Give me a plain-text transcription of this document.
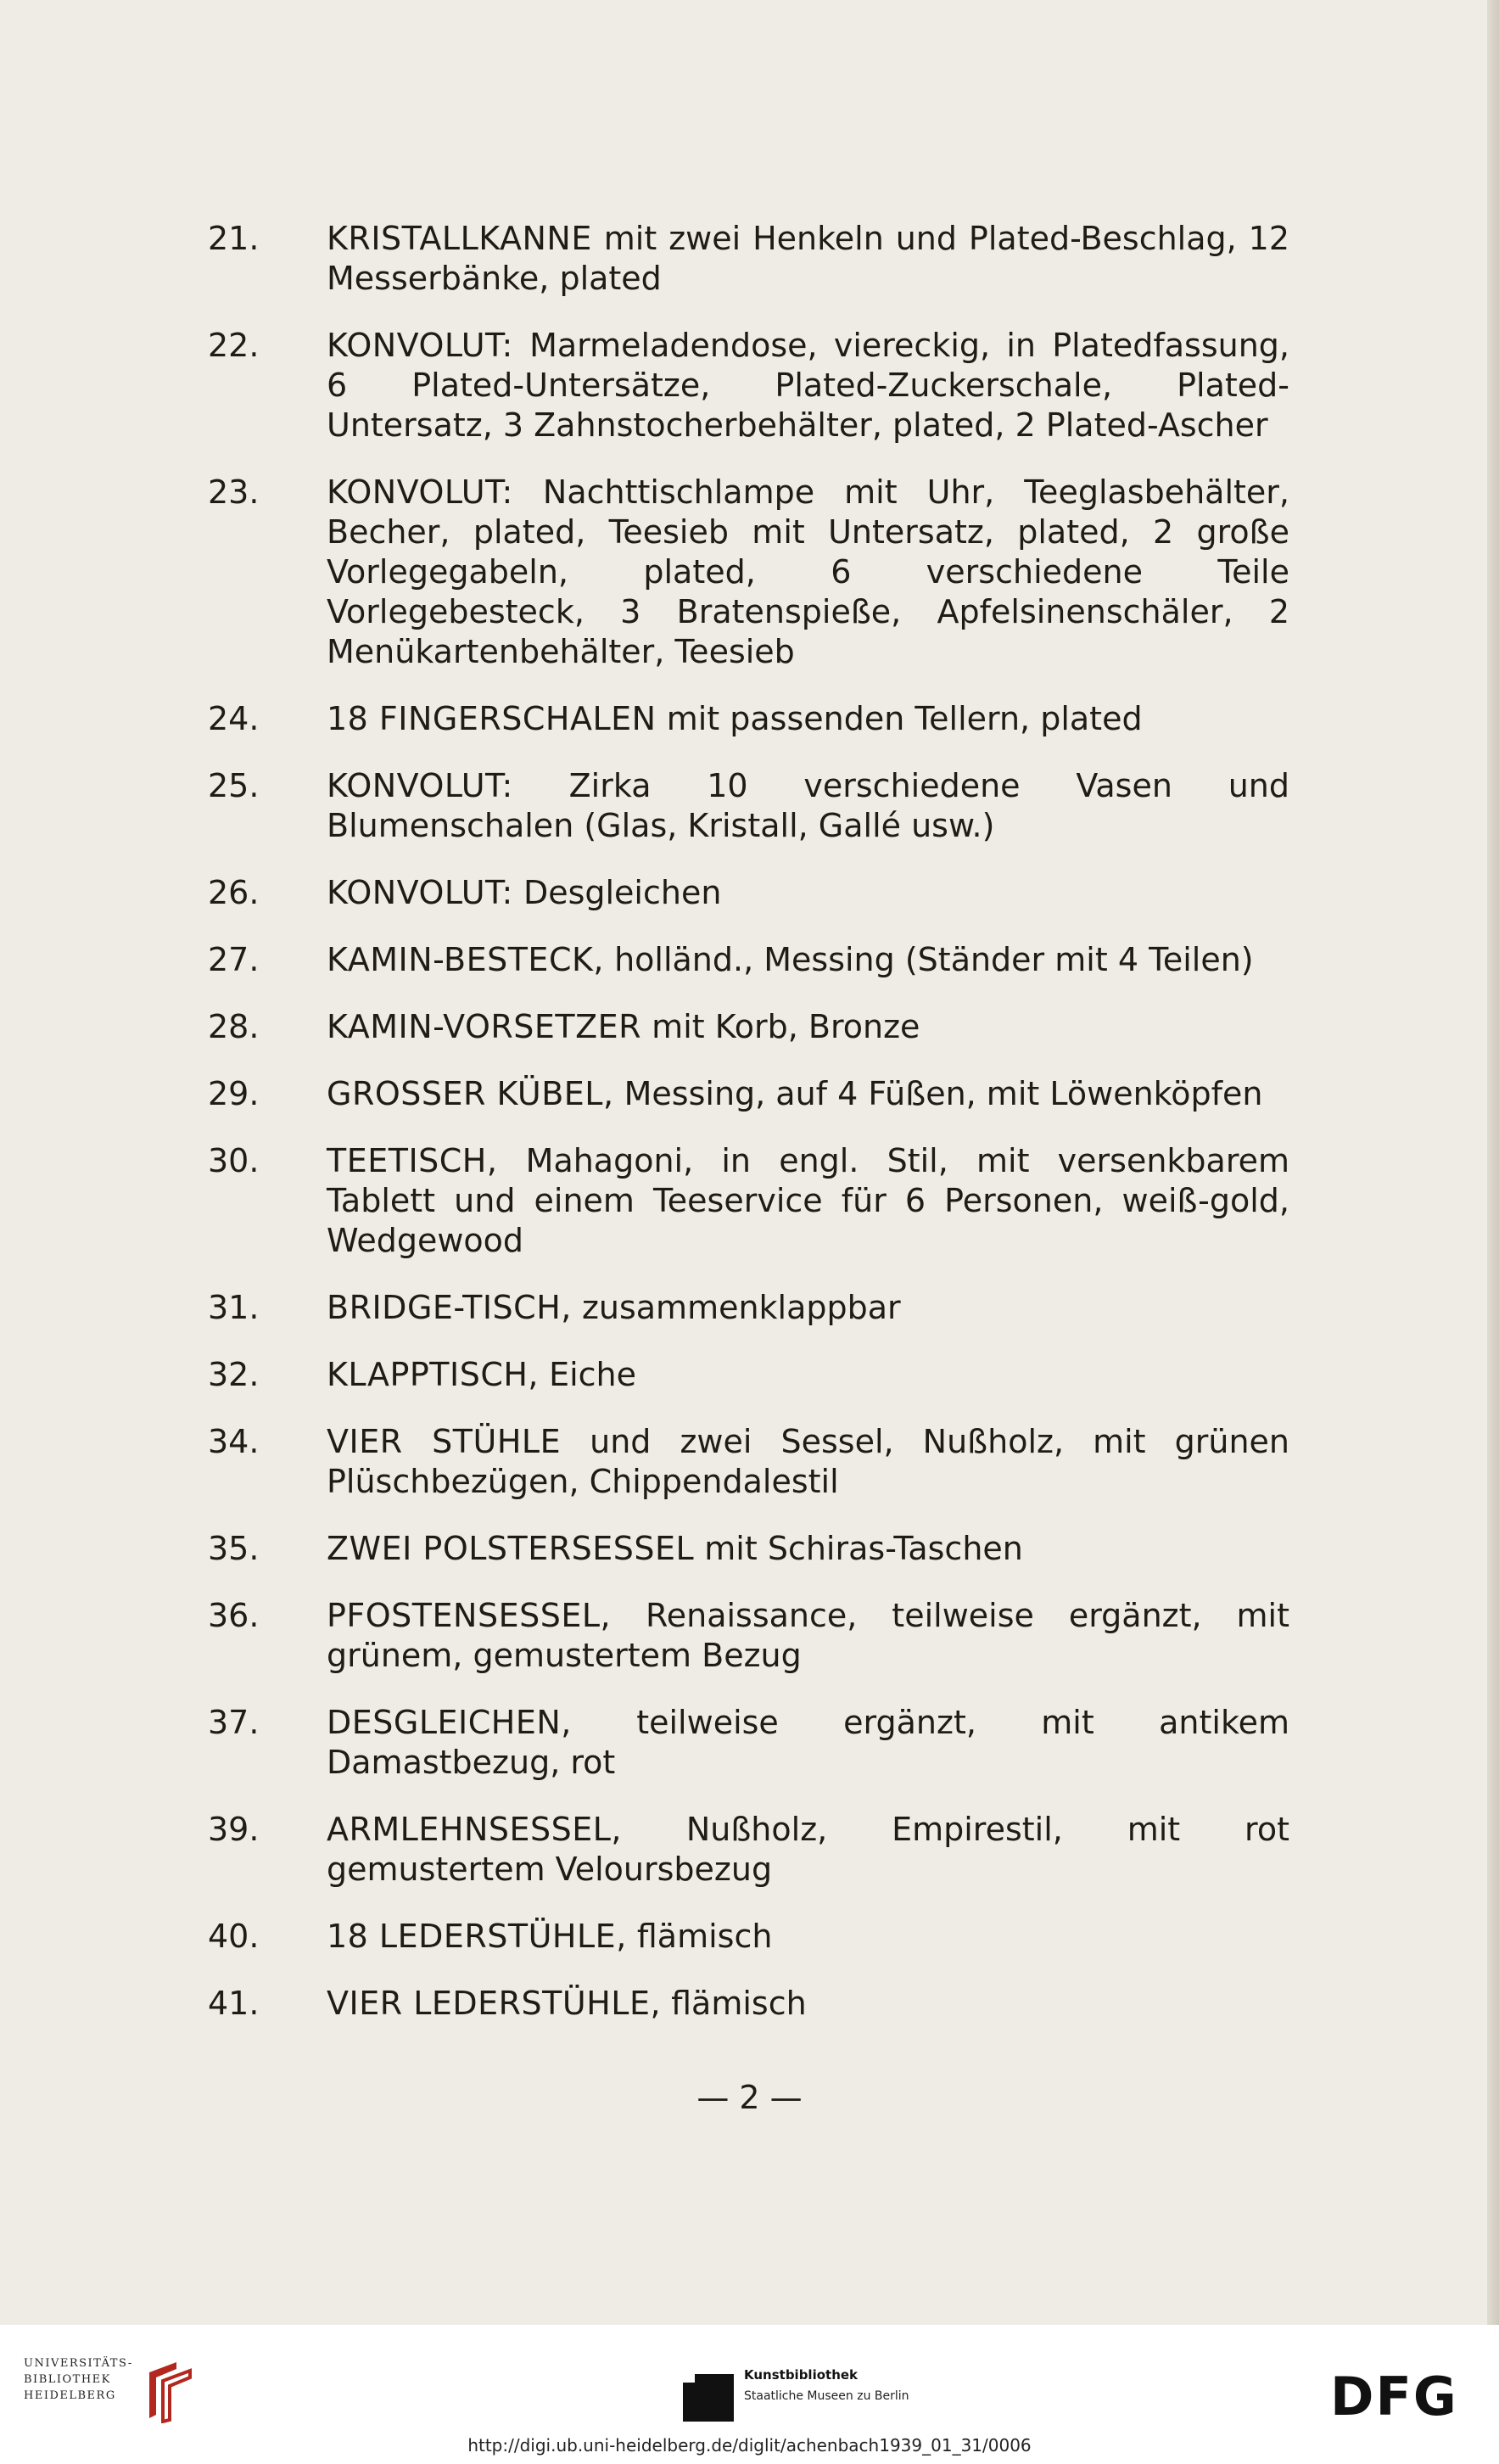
21. KRISTALLKANNE mit zwei Henkeln und Plated-Beschlag, 12 Messerbänke, plated
22. KONVOLUT: Marmeladendose, viereckig, in Platedfassung, 6 Plated-Untersätze, Plated-Zuckerschale, Plated-Untersatz, 3 Zahnstocherbehälter, plated, 2 Plated-Ascher
23. KONVOLUT: Nachttischlampe mit Uhr, Teeglasbehälter, Becher, plated, Teesieb mit Untersatz, plated, 2 große Vorlegegabeln, plated, 6 verschiedene Teile Vorlegebesteck, 3 Bratenspieße, Apfelsinenschäler, 2 Menükartenbehälter, Teesieb
24. 18 FINGERSCHALEN mit passenden Tellern, plated
25. KONVOLUT: Zirka 10 verschiedene Vasen und Blumenschalen (Glas, Kristall, Gallé usw.)
26. KONVOLUT: Desgleichen
27. KAMIN-BESTECK, holländ., Messing (Ständer mit 4 Teilen)
28. KAMIN-VORSETZER mit Korb, Bronze
29. GROSSER KÜBEL, Messing, auf 4 Füßen, mit Löwenköpfen
30. TEETISCH, Mahagoni, in engl. Stil, mit versenkbarem Tablett und einem Teeservice für 6 Personen, weiß-gold, Wedgewood
31. BRIDGE-TISCH, zusammenklappbar
32. KLAPPTISCH, Eiche
34. VIER STÜHLE und zwei Sessel, Nußholz, mit grünen Plüschbezügen, Chippendalestil
35. ZWEI POLSTERSESSEL mit Schiras-Taschen
36. PFOSTENSESSEL, Renaissance, teilweise ergänzt, mit grünem, gemustertem Bezug
37. DESGLEICHEN, teilweise ergänzt, mit antikem Damastbezug, rot
39. ARMLEHNSESSEL, Nußholz, Empirestil, mit rot gemustertem Veloursbezug
40. 18 LEDERSTÜHLE, flämisch
41. VIER LEDERSTÜHLE, flämisch
— 2 —
UNIVERSITÄTS-
BIBLIOTHEK
HEIDELBERG
Kunstbibliothek
Staatliche Museen zu Berlin	DFG
http://digi.ub.uni-heidelberg.de/diglit/achenbach1939_01_31/0006
